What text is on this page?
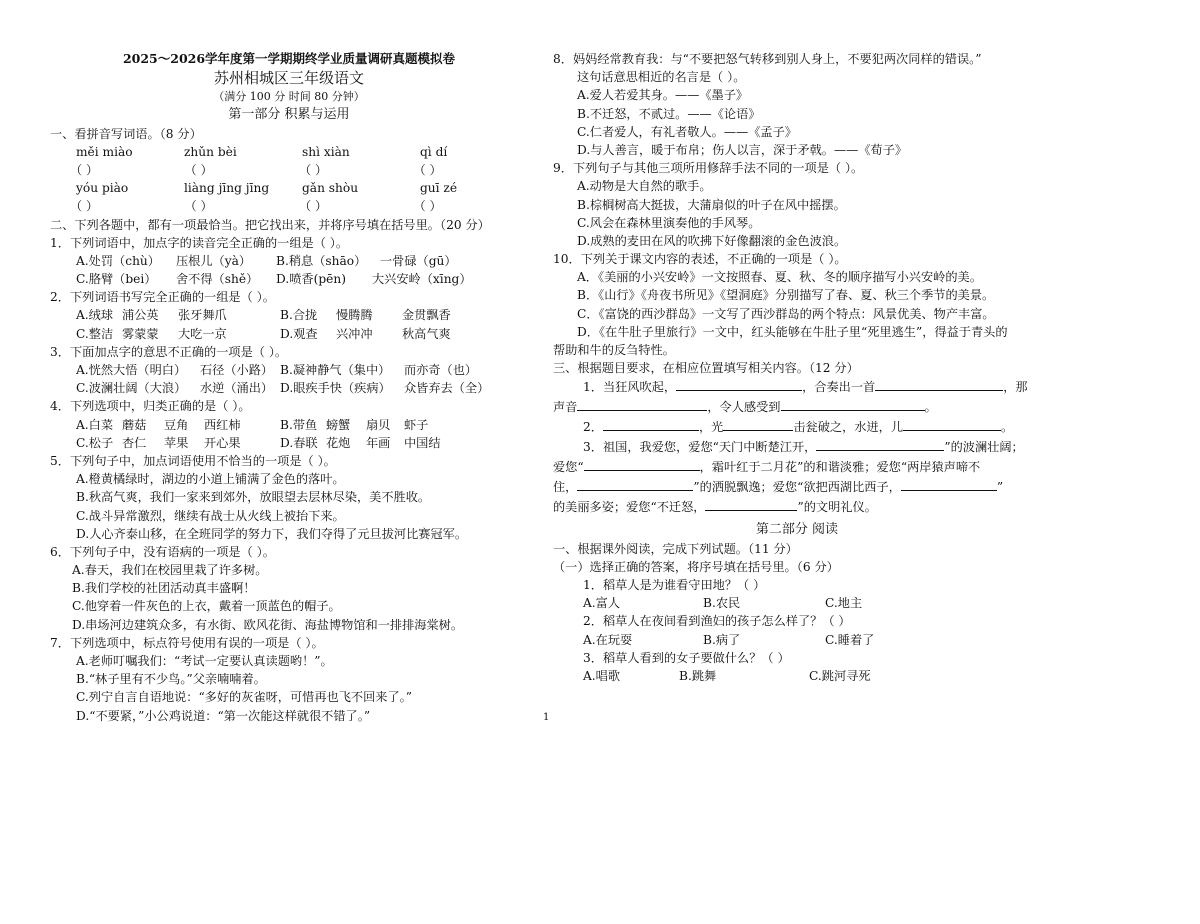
2025～2026学年度第一学期期终学业质量调研真题模拟卷
苏州相城区三年级语文
（满分 100 分 时间 80 分钟）
第一部分 积累与运用
一、看拼音写词语。（8 分）
měi miào	zhǔn bèi	shì xiàn	qì dí
（ ）	（ ）	（ ）	（ ）
yóu piào	liàng jīng jīng	gǎn shòu	guī zé
（ ）	（ ）	（ ）	（ ）
二、下列各题中，都有一项最恰当。把它找出来，并将序号填在括号里。（20 分）
1．下列词语中，加点字的读音完全正确的一组是（ ）。
A.处罚（chù） 压根儿（yà） B.稍息（shāo） 一骨碌（gū）
C.胳臂（bei） 舍不得（shě） D.喷香(pēn) 大兴安岭（xīng）
2．下列词语书写完全正确的一组是（ ）。
A.绒球 浦公英 张牙舞爪	B.合拢 慢腾腾 金贯飘香
C.整洁 雾蒙蒙 大吃一京	D.观查 兴冲冲 秋高气爽
3．下面加点字的意思不正确的一项是（ ）。
A.恍然大悟（明白） 石径（小路） B.凝神静气（集中） 而亦奇（也）
C.波澜壮阔（大浪） 水逆（涌出） D.眼疾手快（疾病） 众皆弃去（全）
4．下列选项中，归类正确的是（ ）。
A.白菜 蘑菇 豆角 西红柿	B.带鱼 螃蟹 扇贝 虾子
C.松子 杏仁 苹果 开心果	D.春联 花炮 年画 中国结
5．下列句子中，加点词语使用不恰当的一项是（ ）。
A.橙黄橘绿时，湖边的小道上铺满了金色的落叶。
B.秋高气爽，我们一家来到郊外，放眼望去层林尽染，美不胜收。
C.战斗异常激烈，继续有战士从火线上被抬下来。
D.人心齐泰山移，在全班同学的努力下，我们夺得了元旦拔河比赛冠军。
6．下列句子中，没有语病的一项是（ ）。
A.春天，我们在校园里栽了许多树。
B.我们学校的社团活动真丰盛啊！
C.他穿着一件灰色的上衣，戴着一顶蓝色的帽子。
D.串场河边建筑众多，有水街、欧风花街、海盐博物馆和一排排海棠树。
7．下列选项中，标点符号使用有误的一项是（ ）。
A.老师叮嘱我们：“考试一定要认真读题哟！”。
B.“林子里有不少鸟。”父亲喃喃着。
C.列宁自言自语地说：“多好的灰雀呀，可惜再也飞不回来了。”
D.“不要紧，”小公鸡说道：“第一次能这样就很不错了。”
8．妈妈经常教育我：与“不要把怒气转移到别人身上，不要犯两次同样的错误。”
这句话意思相近的名言是（ ）。
A.爱人若爱其身。——《墨子》
B.不迁怒，不贰过。——《论语》
C.仁者爱人，有礼者敬人。——《孟子》
D.与人善言，暖于布帛；伤人以言，深于矛戟。——《荀子》
9．下列句子与其他三项所用修辞手法不同的一项是（ ）。
A.动物是大自然的歌手。
B.棕榈树高大挺拔，大蒲扇似的叶子在风中摇摆。
C.风会在森林里演奏他的手风琴。
D.成熟的麦田在风的吹拂下好像翻滚的金色波浪。
10．下列关于课文内容的表述，不正确的一项是（ ）。
A．《美丽的小兴安岭》一文按照春、夏、秋、冬的顺序描写小兴安岭的美。
B．《山行》《舟夜书所见》《望洞庭》分别描写了春、夏、秋三个季节的美景。
C．《富饶的西沙群岛》一文写了西沙群岛的两个特点：风景优美、物产丰富。
D．《在牛肚子里旅行》一文中，红头能够在牛肚子里“死里逃生”，得益于青头的
帮助和牛的反刍特性。
三、根据题目要求，在相应位置填写相关内容。（12 分）
1．当狂风吹起，	，合奏出一首	，那
声音	，令人感受到	。
2．	，光	击瓮破之，水迸，儿	。
3．祖国，我爱您，爱您“天门中断楚江开，	”的波澜壮阔；
爱您“	，霜叶红于二月花”的和谐淡雅；爱您“两岸猿声啼不
住，	”的洒脱飘逸；爱您“欲把西湖比西子，	”
的美丽多姿；爱您“不迁怒，	”的文明礼仪。
第二部分 阅读
一、根据课外阅读，完成下列试题。（11 分）
（一）选择正确的答案，将序号填在括号里。（6 分）
1．稻草人是为谁看守田地？（ ）
A.富人	B.农民	C.地主
2．稻草人在夜间看到渔妇的孩子怎么样了？（ ）
A.在玩耍	B.病了	C.睡着了
3．稻草人看到的女子要做什么？（ ）
A.唱歌	B.跳舞	C.跳河寻死
1
